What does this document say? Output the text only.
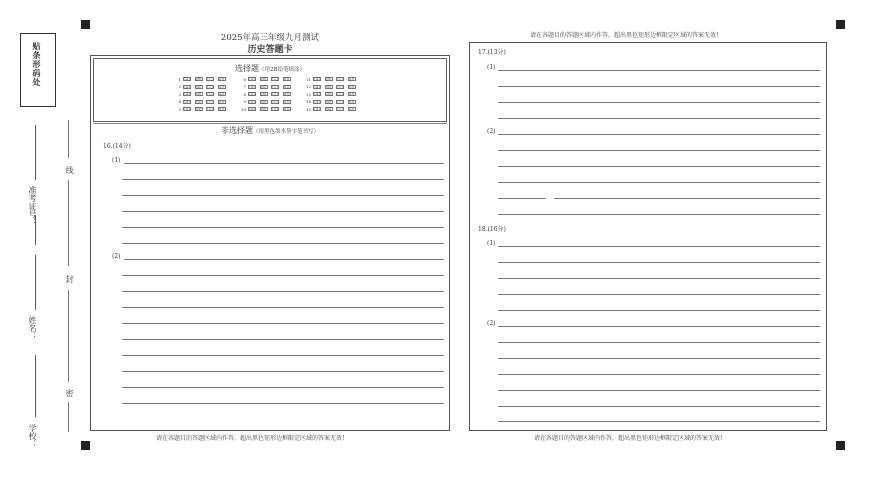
贴条形码处
准考证号：
姓名：
学校：
线
封
密
2025年高三年级九月测试
历史答题卡
选择题（用2B铅笔填涂）
1 [A]	[B]	[C]	[D]
2 [A]	[B]	[C]	[D]
3 [A]	[B]	[C]	[D]
4 [A]	[B]	[C]	[D]
5 [A]	[B]	[C]	[D]
6 [A]	[B]	[C]	[D]
7 [A]	[B]	[C]	[D]
8 [A]	[B]	[C]	[D]
9 [A]	[B]	[C]	[D]
10 [A]	[B]	[C]	[D]
11 [A]	[B]	[C]	[D]
12 [A]	[B]	[C]	[D]
13 [A]	[B]	[C]	[D]
14 [A]	[B]	[C]	[D]
15 [A]	[B]	[C]	[D]
非选择题（用黑色墨水签字笔书写）
16.(14分)
(1)
(2)
17.(13分)
(1)
(2)
18.(16分)
(1)
(2)
请在各题目的答题区域内作答，超出黑色矩形边框限定区域的答案无效!
请在各题目的答题区域内作答，超出黑色矩形边框限定区域的答案无效!	请在各题目的答题区域内作答，超出黑色矩形边框限定区域的答案无效!
